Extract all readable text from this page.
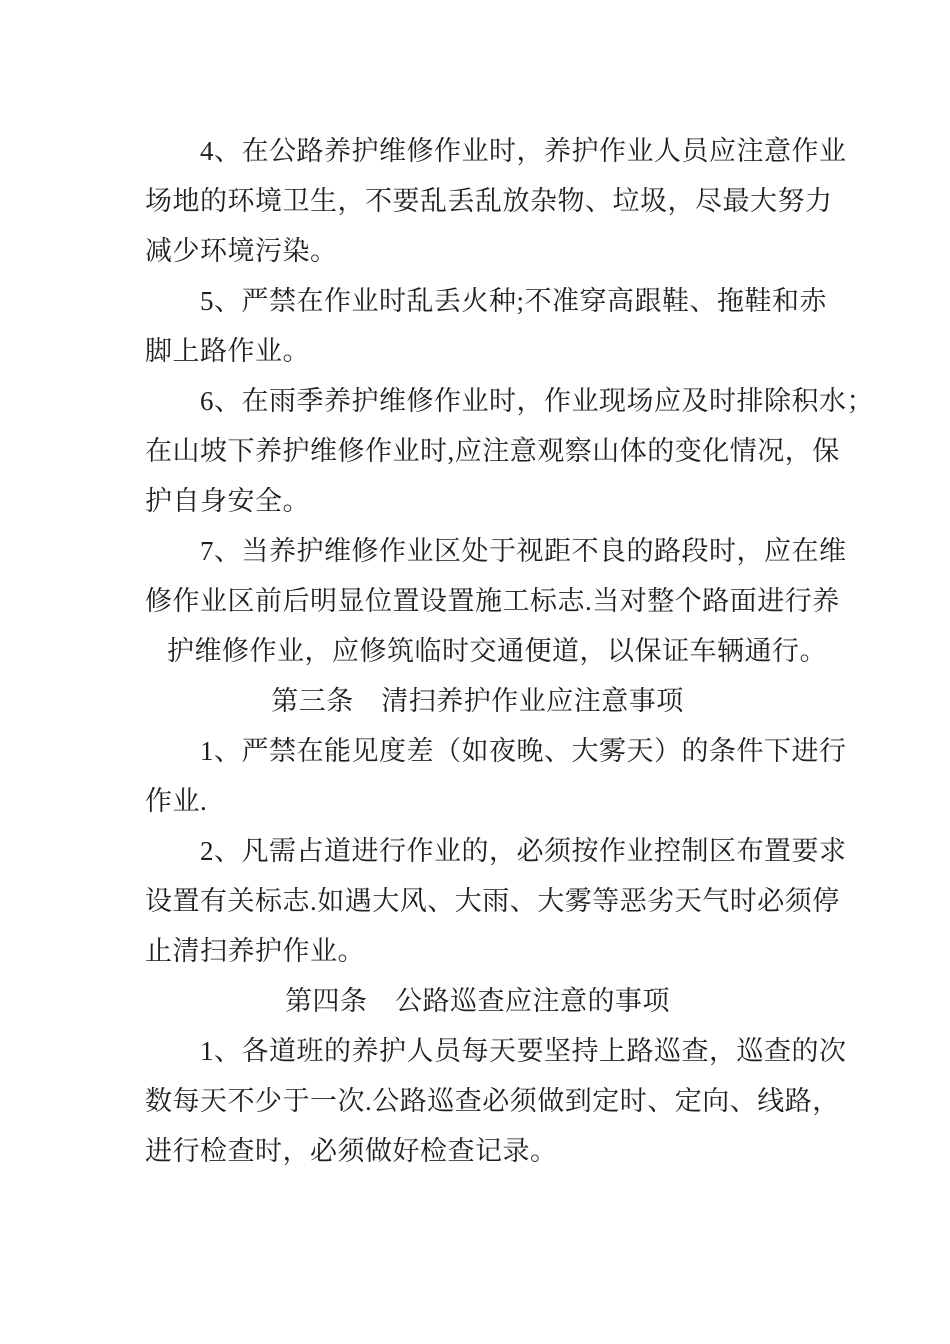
4、在公路养护维修作业时，养护作业人员应注意作业
场地的环境卫生，不要乱丢乱放杂物、垃圾，尽最大努力
减少环境污染。
5、严禁在作业时乱丢火种;不准穿高跟鞋、拖鞋和赤
脚上路作业。
6、在雨季养护维修作业时，作业现场应及时排除积水；
在山坡下养护维修作业时,应注意观察山体的变化情况，保
护自身安全。
7、当养护维修作业区处于视距不良的路段时，应在维
修作业区前后明显位置设置施工标志.当对整个路面进行养
护维修作业，应修筑临时交通便道，以保证车辆通行。
第三条　清扫养护作业应注意事项
1、严禁在能见度差（如夜晚、大雾天）的条件下进行
作业.
2、凡需占道进行作业的，必须按作业控制区布置要求
设置有关标志.如遇大风、大雨、大雾等恶劣天气时必须停
止清扫养护作业。
第四条　公路巡查应注意的事项
1、各道班的养护人员每天要坚持上路巡查，巡查的次
数每天不少于一次.公路巡查必须做到定时、定向、线路，
进行检查时，必须做好检查记录。
